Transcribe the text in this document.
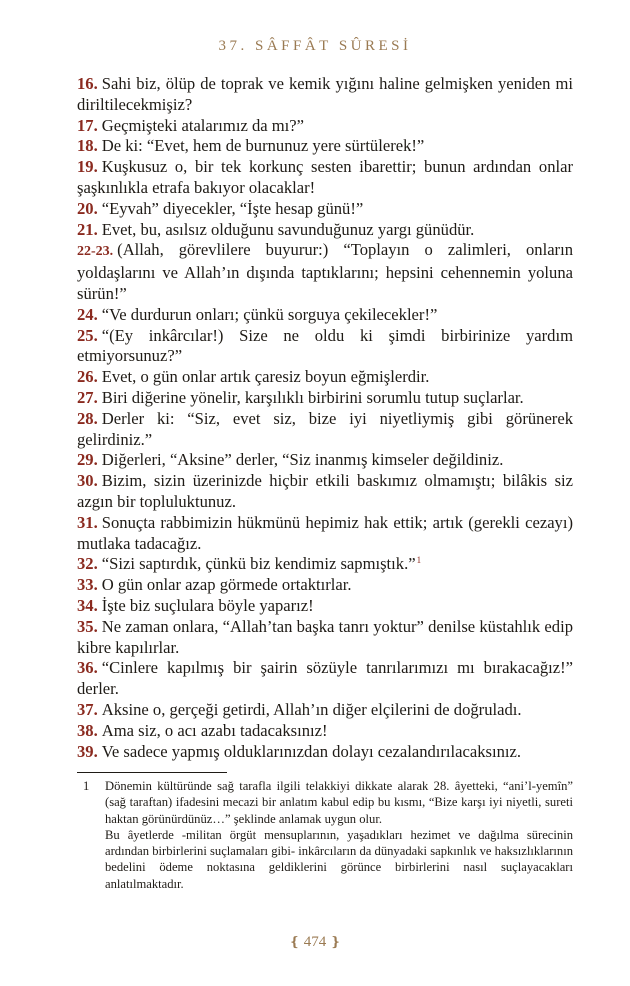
37. SÂFFÂT SÛRESİ
16. Sahi biz, ölüp de toprak ve kemik yığını haline gelmişken yeniden mi diriltilecekmişiz?
17. Geçmişteki atalarımız da mı?”
18. De ki: “Evet, hem de burnunuz yere sürtülerek!”
19. Kuşkusuz o, bir tek korkunç sesten ibarettir; bunun ardından onlar şaşkınlıkla etrafa bakıyor olacaklar!
20. “Eyvah” diyecekler, “İşte hesap günü!”
21. Evet, bu, asılsız olduğunu savunduğunuz yargı günüdür.
22-23. (Allah, görevlilere buyurur:) “Toplayın o zalimleri, onların yoldaşlarını ve Allah’ın dışında taptıklarını; hepsini cehennemin yoluna sürün!”
24. “Ve durdurun onları; çünkü sorguya çekilecekler!”
25. “(Ey inkârcılar!) Size ne oldu ki şimdi birbirinize yardım etmiyorsunuz?”
26. Evet, o gün onlar artık çaresiz boyun eğmişlerdir.
27. Biri diğerine yönelir, karşılıklı birbirini sorumlu tutup suçlarlar.
28. Derler ki: “Siz, evet siz, bize iyi niyetliymiş gibi görünerek gelirdiniz.”
29. Diğerleri, “Aksine” derler, “Siz inanmış kimseler değildiniz.
30. Bizim, sizin üzerinizde hiçbir etkili baskımız olmamıştı; bilâkis siz azgın bir topluluktunuz.
31. Sonuçta rabbimizin hükmünü hepimiz hak ettik; artık (gerekli cezayı) mutlaka tadacağız.
32. “Sizi saptırdık, çünkü biz kendimiz sapmıştık.”$^1$
33. O gün onlar azap görmede ortaktırlar.
34. İşte biz suçlulara böyle yaparız!
35. Ne zaman onlara, “Allah’tan başka tanrı yoktur” denilse küstahlık edip kibre kapılırlar.
36. “Cinlere kapılmış bir şairin sözüyle tanrılarımızı mı bırakacağız!” derler.
37. Aksine o, gerçeği getirdi, Allah’ın diğer elçilerini de doğruladı.
38. Ama siz, o acı azabı tadacaksınız!
39. Ve sadece yapmış olduklarınızdan dolayı cezalandırılacaksınız.
1	Dönemin kültüründe sağ tarafla ilgili telakkiyi dikkate alarak 28. âyetteki, “ani’l-yemîn” (sağ taraftan) ifadesini mecazi bir anlatım kabul edip bu kısmı, “Bize karşı iyi niyetli, sureti haktan görünürdünüz…” şeklinde anlamak uygun olur.

Bu âyetlerde -militan örgüt mensuplarının, yaşadıkları hezimet ve dağılma sürecinin ardından birbirlerini suçlamaları gibi- inkârcıların da dünyadaki sapkınlık ve haksızlıklarının bedelini ödeme noktasına geldiklerini görünce birbirlerini nasıl suçlayacakları anlatılmaktadır.

❴ 474 ❵
